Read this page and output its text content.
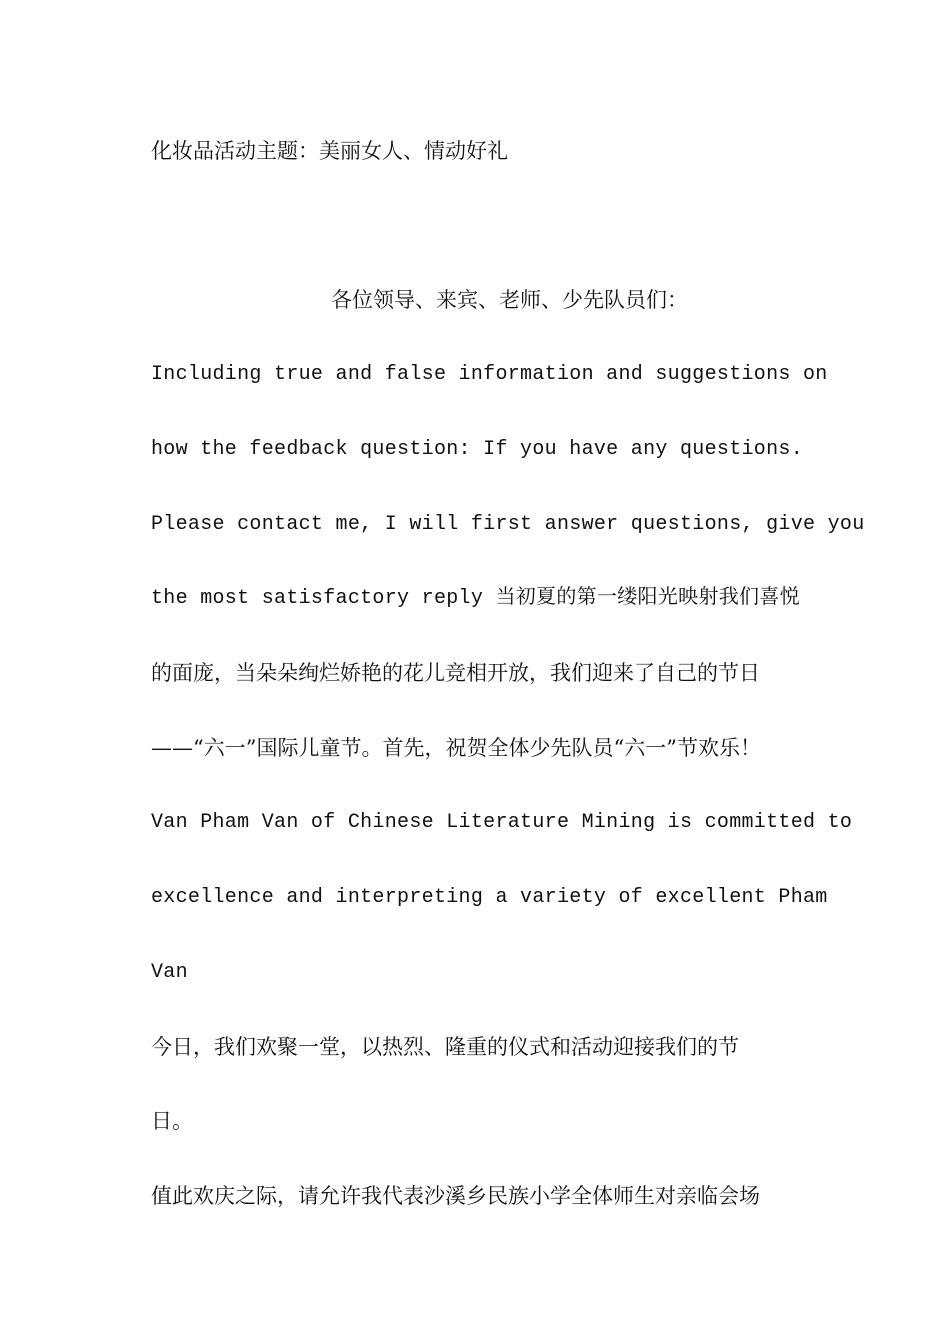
化妆品活动主题：美丽女人、情动好礼
各位领导、来宾、老师、少先队员们：
Including true and false information and suggestions on
how the feedback question: If you have any questions.
Please contact me, I will first answer questions, give you
the most satisfactory reply 当初夏的第一缕阳光映射我们喜悦
的面庞，当朵朵绚烂娇艳的花儿竞相开放，我们迎来了自己的节日
——“六一”国际儿童节。首先，祝贺全体少先队员“六一”节欢乐！
Van Pham Van of Chinese Literature Mining is committed to
excellence and interpreting a variety of excellent Pham
Van
今日，我们欢聚一堂，以热烈、隆重的仪式和活动迎接我们的节
日。
值此欢庆之际，请允许我代表沙溪乡民族小学全体师生对亲临会场
